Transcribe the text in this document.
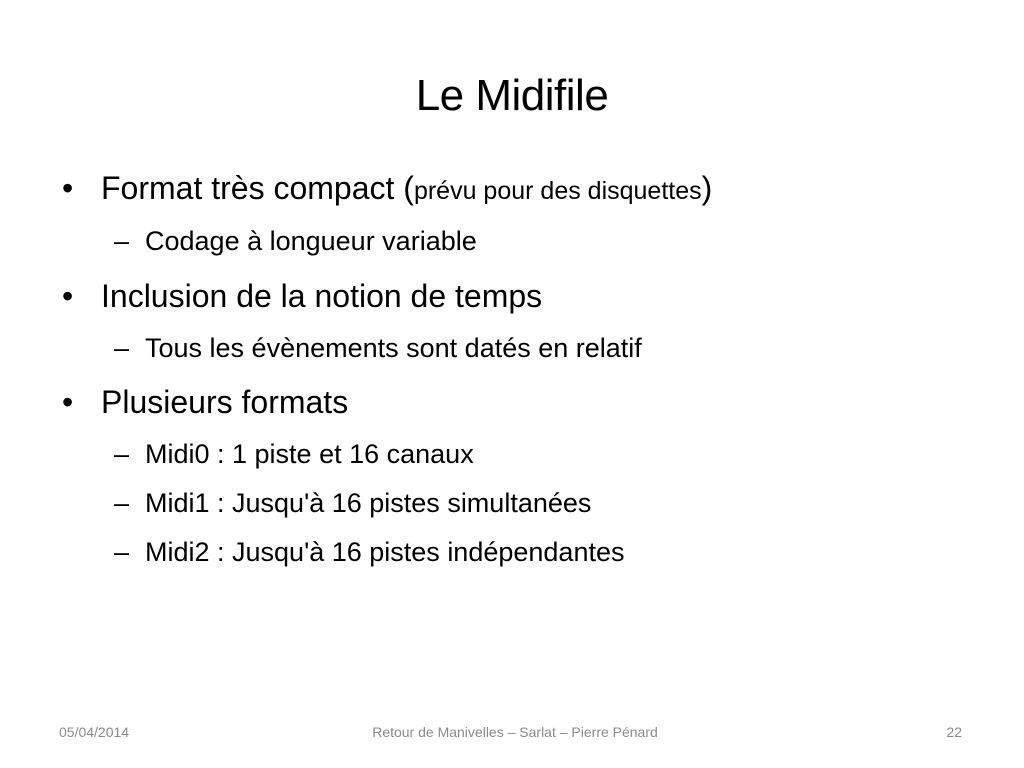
Le Midifile
• Format très compact (prévu pour des disquettes)
– Codage à longueur variable
• Inclusion de la notion de temps
– Tous les évènements sont datés en relatif
• Plusieurs formats
– Midi0 : 1 piste et 16 canaux
– Midi1 : Jusqu'à 16 pistes simultanées
– Midi2 : Jusqu'à 16 pistes indépendantes
05/04/2014	Retour de Manivelles – Sarlat – Pierre Pénard	22
